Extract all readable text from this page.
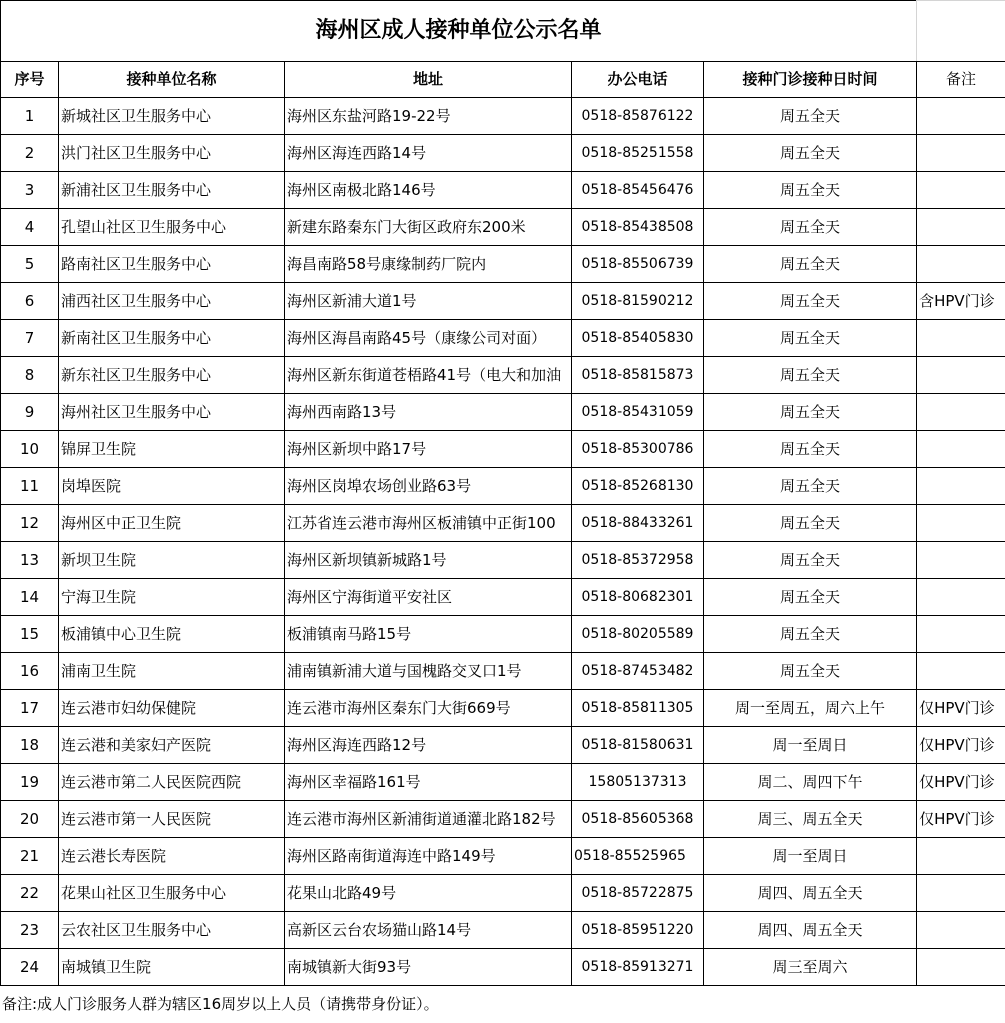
海州区成人接种单位公示名单					
序号	接种单位名称	地址	办公电话	接种门诊接种日时间	备注
1	新城社区卫生服务中心	海州区东盐河路19-22号	0518-85876122	周五全天	
2	洪门社区卫生服务中心	海州区海连西路14号	0518-85251558	周五全天	
3	新浦社区卫生服务中心	海州区南极北路146号	0518-85456476	周五全天	
4	孔望山社区卫生服务中心	新建东路秦东门大街区政府东200米	0518-85438508	周五全天	
5	路南社区卫生服务中心	海昌南路58号康缘制药厂院内	0518-85506739	周五全天	
6	浦西社区卫生服务中心	海州区新浦大道1号	0518-81590212	周五全天	含HPV门诊
7	新南社区卫生服务中心	海州区海昌南路45号（康缘公司对面）	0518-85405830	周五全天	
8	新东社区卫生服务中心	海州区新东街道苍梧路41号（电大和加油	0518-85815873	周五全天	
9	海州社区卫生服务中心	海州西南路13号	0518-85431059	周五全天	
10	锦屏卫生院	海州区新坝中路17号	0518-85300786	周五全天	
11	岗埠医院	海州区岗埠农场创业路63号	0518-85268130	周五全天	
12	海州区中正卫生院	江苏省连云港市海州区板浦镇中正街100	0518-88433261	周五全天	
13	新坝卫生院	海州区新坝镇新城路1号	0518-85372958	周五全天	
14	宁海卫生院	海州区宁海街道平安社区	0518-80682301	周五全天	
15	板浦镇中心卫生院	板浦镇南马路15号	0518-80205589	周五全天	
16	浦南卫生院	浦南镇新浦大道与国槐路交叉口1号	0518-87453482	周五全天	
17	连云港市妇幼保健院	连云港市海州区秦东门大街669号	0518-85811305	周一至周五，周六上午	仅HPV门诊
18	连云港和美家妇产医院	海州区海连西路12号	0518-81580631	周一至周日	仅HPV门诊
19	连云港市第二人民医院西院	海州区幸福路161号	15805137313	周二、周四下午	仅HPV门诊
20	连云港市第一人民医院	连云港市海州区新浦街道通灌北路182号	0518-85605368	周三、周五全天	仅HPV门诊
21	连云港长寿医院	海州区路南街道海连中路149号	0518-85525965	周一至周日	
22	花果山社区卫生服务中心	花果山北路49号	0518-85722875	周四、周五全天	
23	云农社区卫生服务中心	高新区云台农场猫山路14号	0518-85951220	周四、周五全天	
24	南城镇卫生院	南城镇新大街93号	0518-85913271	周三至周六	
备注:成人门诊服务人群为辖区16周岁以上人员（请携带身份证）。
